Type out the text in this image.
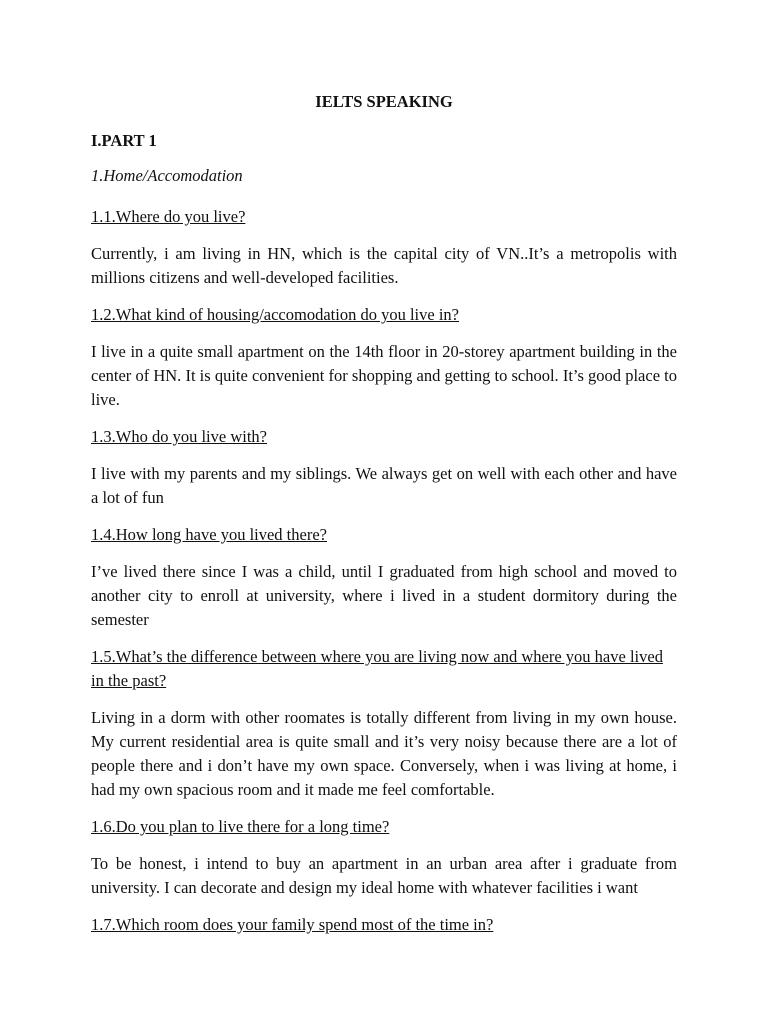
IELTS SPEAKING
I.PART 1
1.Home/Accomodation
1.1.Where do you live?
Currently, i am living in HN, which is the capital city of VN..It’s a metropolis with millions citizens and well-developed facilities.
1.2.What kind of housing/accomodation do you live in?
I live in a quite small apartment on the 14th floor in 20-storey apartment building in the center of HN. It is quite convenient for shopping and getting to school. It’s good place to live.
1.3.Who do you live with?
I live with my parents and my siblings. We always get on well with each other and have a lot of fun
1.4.How long have you lived there?
I’ve lived there since I was a child, until I graduated from high school and moved to another city to enroll at university, where i lived in a student dormitory during the semester
1.5.What’s the difference between where you are living now and where you have lived in the past?
Living in a dorm with other roomates is totally different from living in my own house. My current residential area is quite small and it’s very noisy because there are a lot of people there and i don’t have my own space. Conversely, when i was living at home, i had my own spacious room and it made me feel comfortable.
1.6.Do you plan to live there for a long time?
To be honest, i intend to buy an apartment in an urban area after i graduate from university. I can decorate and design my ideal home with whatever facilities i want
1.7.Which room does your family spend most of the time in?
